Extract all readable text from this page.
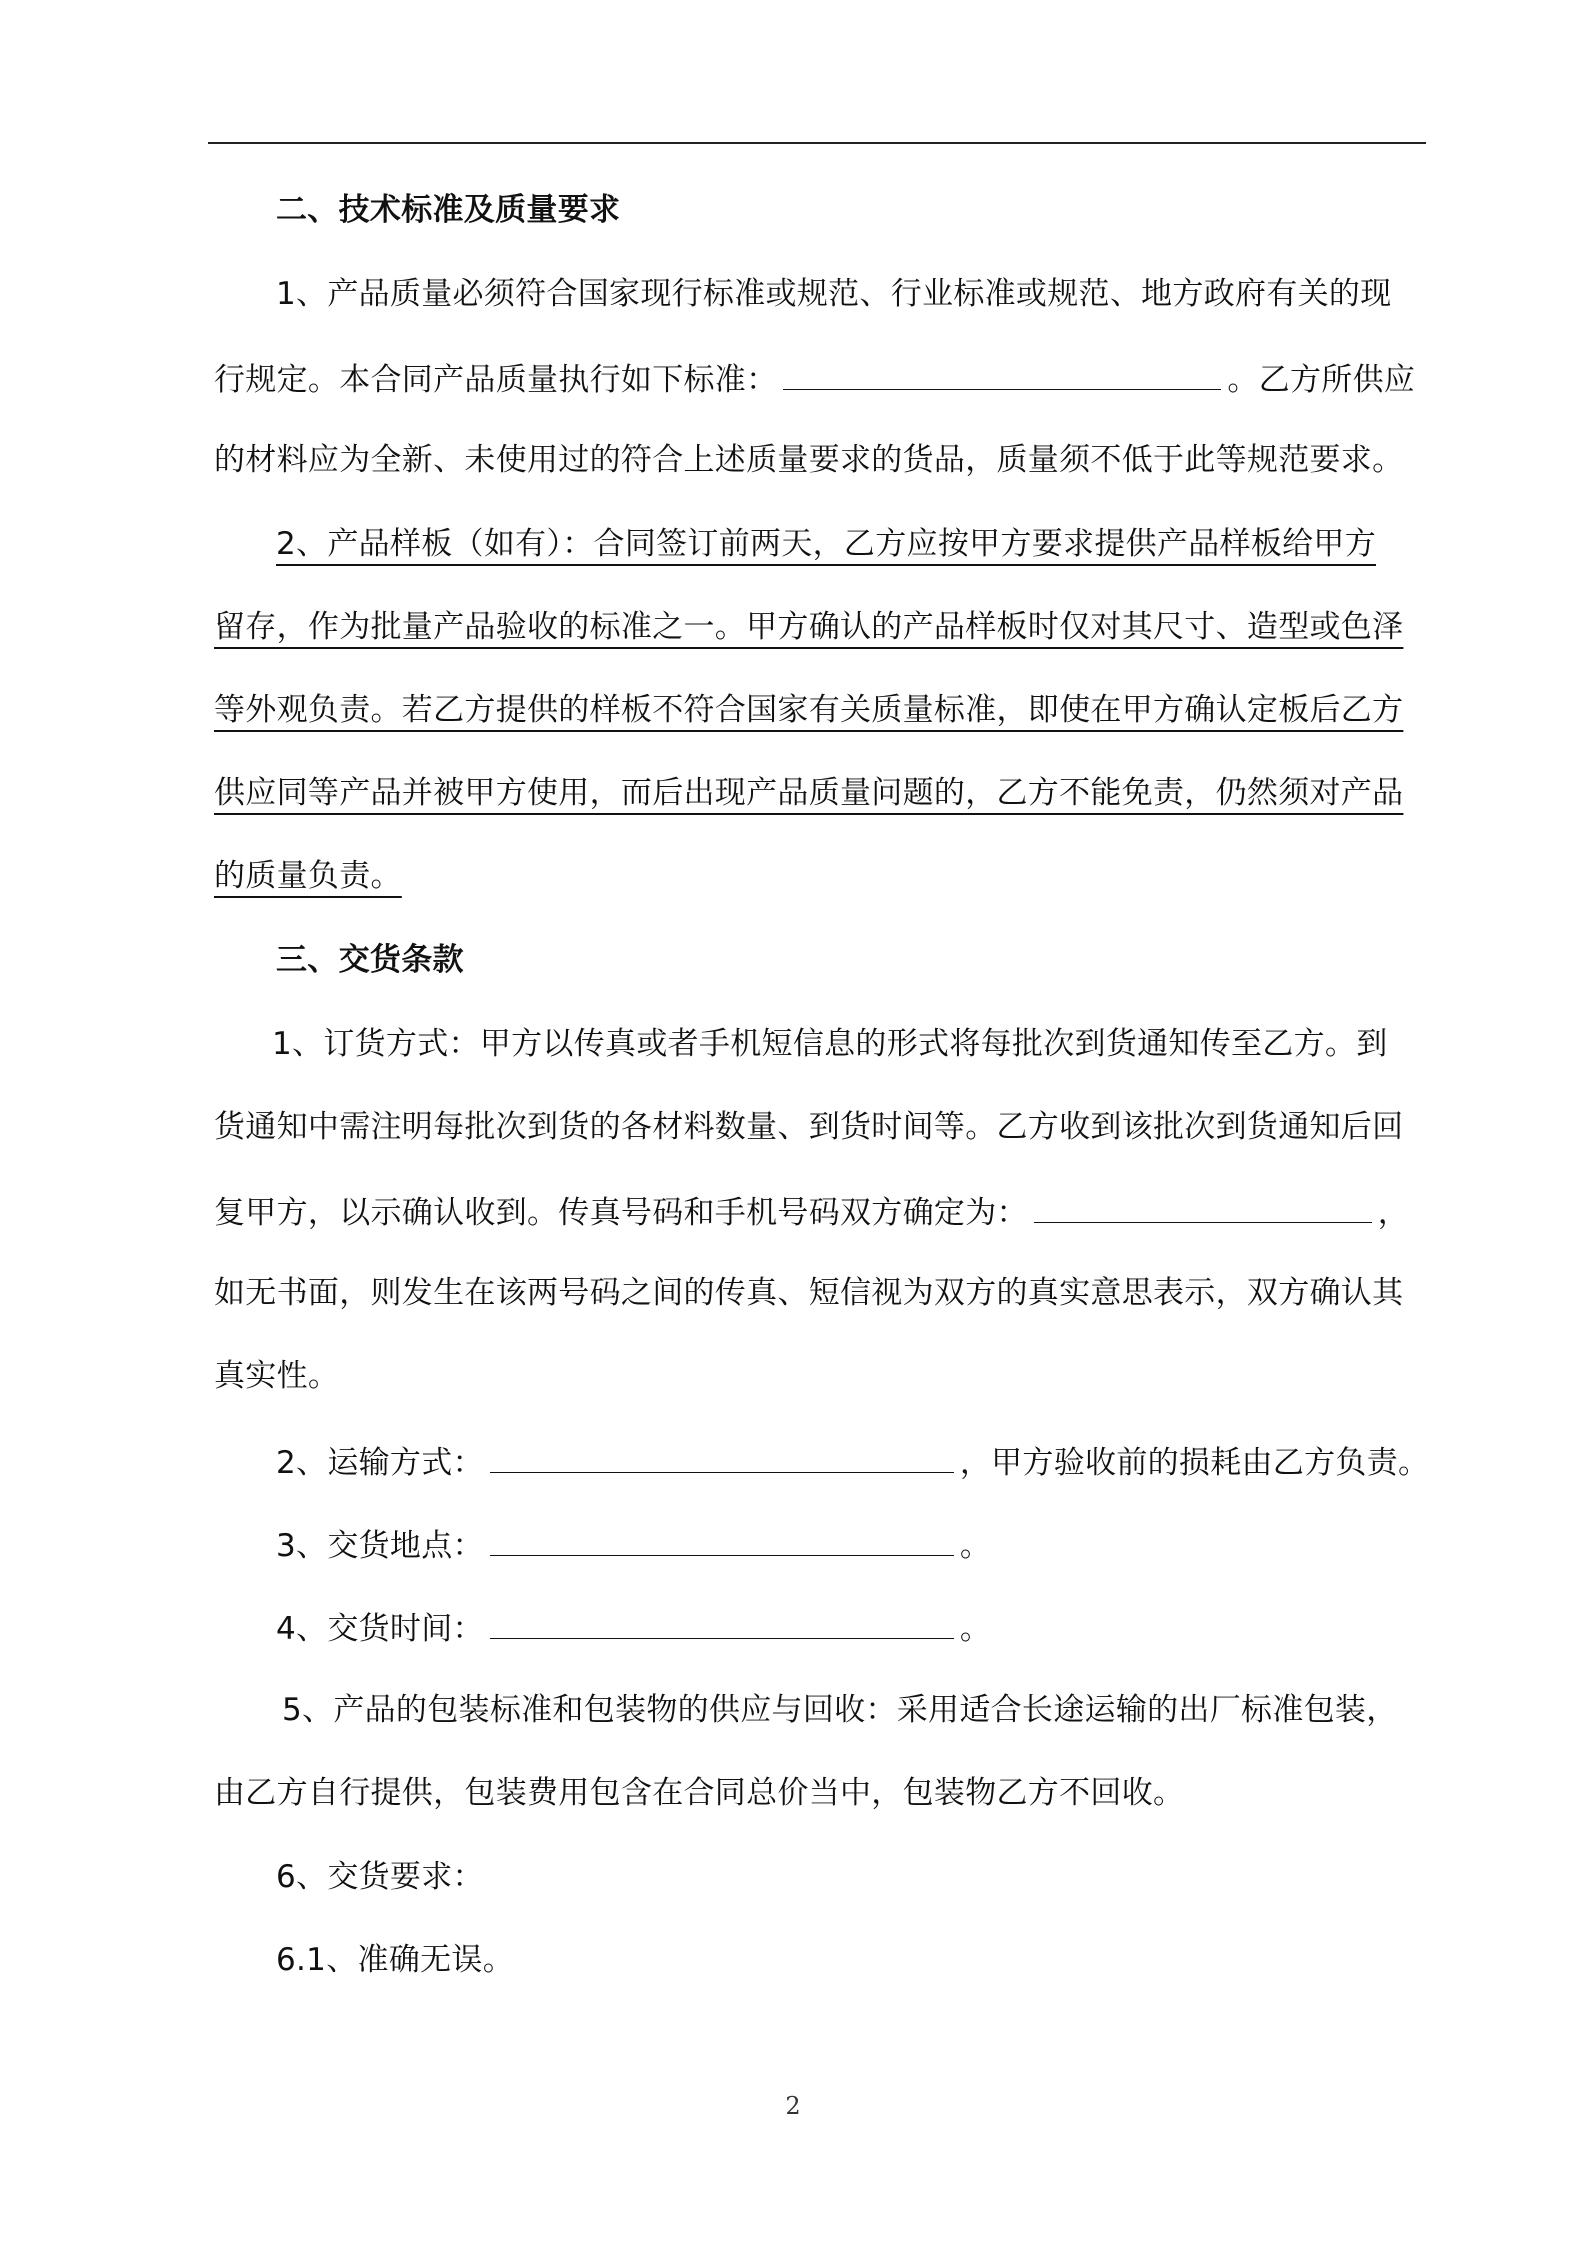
二、技术标准及质量要求
1、产品质量必须符合国家现行标准或规范、行业标准或规范、地方政府有关的现
行规定。本合同产品质量执行如下标准：	。乙方所供应
的材料应为全新、未使用过的符合上述质量要求的货品，质量须不低于此等规范要求。
2、产品样板（如有）：合同签订前两天，乙方应按甲方要求提供产品样板给甲方
留存，作为批量产品验收的标准之一。甲方确认的产品样板时仅对其尺寸、造型或色泽
等外观负责。若乙方提供的样板不符合国家有关质量标准，即使在甲方确认定板后乙方
供应同等产品并被甲方使用，而后出现产品质量问题的，乙方不能免责，仍然须对产品
的质量负责。
三、交货条款
1、订货方式：甲方以传真或者手机短信息的形式将每批次到货通知传至乙方。到
货通知中需注明每批次到货的各材料数量、到货时间等。乙方收到该批次到货通知后回
复甲方，以示确认收到。传真号码和手机号码双方确定为：	，
如无书面，则发生在该两号码之间的传真、短信视为双方的真实意思表示，双方确认其
真实性。
2、运输方式：	，甲方验收前的损耗由乙方负责。
3、交货地点：	。
4、交货时间：	。
5、产品的包装标准和包装物的供应与回收：采用适合长途运输的出厂标准包装，
由乙方自行提供，包装费用包含在合同总价当中，包装物乙方不回收。
6、交货要求：
6.1、准确无误。
2
